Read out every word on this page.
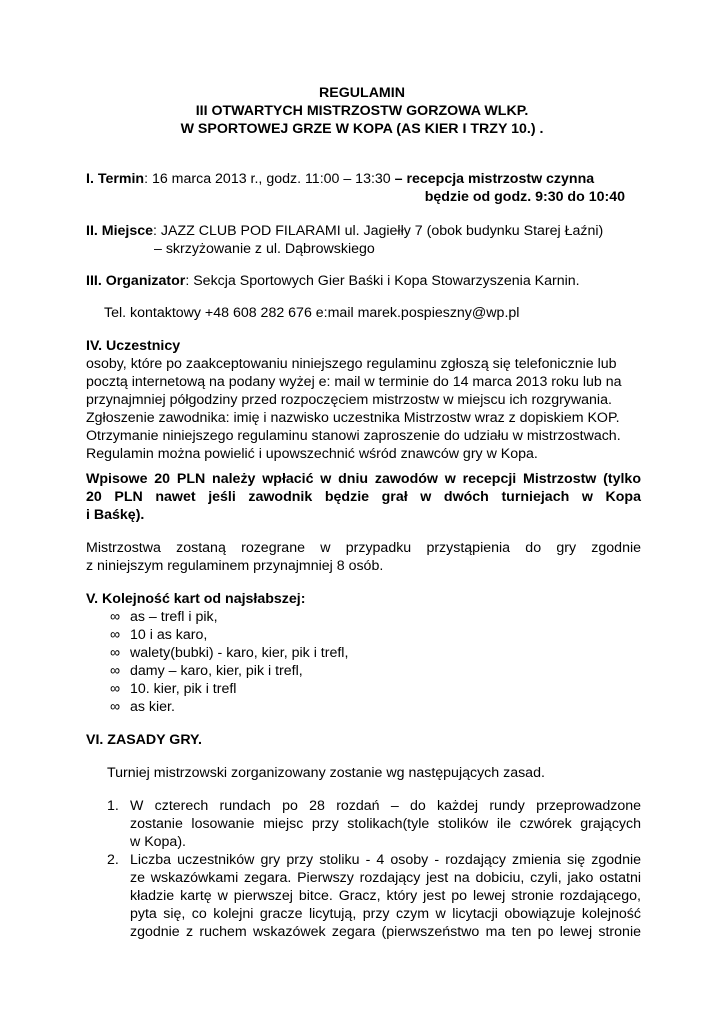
REGULAMIN
III OTWARTYCH MISTRZOSTW GORZOWA WLKP.
W SPORTOWEJ GRZE W KOPA (AS KIER I TRZY 10.) .
I. Termin: 16 marca 2013 r., godz. 11:00 – 13:30 – recepcja mistrzostw czynna
będzie od godz. 9:30 do 10:40
II. Miejsce: JAZZ CLUB POD FILARAMI ul. Jagiełły 7 (obok budynku Starej Łaźni)
– skrzyżowanie z ul. Dąbrowskiego
III. Organizator: Sekcja Sportowych Gier Baśki i Kopa Stowarzyszenia Karnin.
Tel. kontaktowy +48 608 282 676 e:mail marek.pospieszny@wp.pl
IV. Uczestnicy
osoby, które po zaakceptowaniu niniejszego regulaminu zgłoszą się telefonicznie lub
pocztą internetową na podany wyżej e: mail w terminie do 14 marca 2013 roku lub na
przynajmniej półgodziny przed rozpoczęciem mistrzostw w miejscu ich rozgrywania.
Zgłoszenie zawodnika: imię i nazwisko uczestnika Mistrzostw wraz z dopiskiem KOP.
Otrzymanie niniejszego regulaminu stanowi zaproszenie do udziału w mistrzostwach.
Regulamin można powielić i upowszechnić wśród znawców gry w Kopa.
Wpisowe 20 PLN należy wpłacić w dniu zawodów w recepcji Mistrzostw (tylko
20 PLN nawet jeśli zawodnik będzie grał w dwóch turniejach w Kopa
i Baśkę).
Mistrzostwa zostaną rozegrane w przypadku przystąpienia do gry zgodnie
z niniejszym regulaminem przynajmniej 8 osób.
V. Kolejność kart od najsłabszej:
∞ as – trefl i pik,
∞ 10 i as karo,
∞ walety(bubki) - karo, kier, pik i trefl,
∞ damy – karo, kier, pik i trefl,
∞ 10. kier, pik i trefl
∞ as kier.
VI. ZASADY GRY.
Turniej mistrzowski zorganizowany zostanie wg następujących zasad.
1. W czterech rundach po 28 rozdań – do każdej rundy przeprowadzone
zostanie losowanie miejsc przy stolikach(tyle stolików ile czwórek grających
w Kopa).
2. Liczba uczestników gry przy stoliku - 4 osoby - rozdający zmienia się zgodnie
ze wskazówkami zegara. Pierwszy rozdający jest na dobiciu, czyli, jako ostatni
kładzie kartę w pierwszej bitce. Gracz, który jest po lewej stronie rozdającego,
pyta się, co kolejni gracze licytują, przy czym w licytacji obowiązuje kolejność
zgodnie z ruchem wskazówek zegara (pierwszeństwo ma ten po lewej stronie
